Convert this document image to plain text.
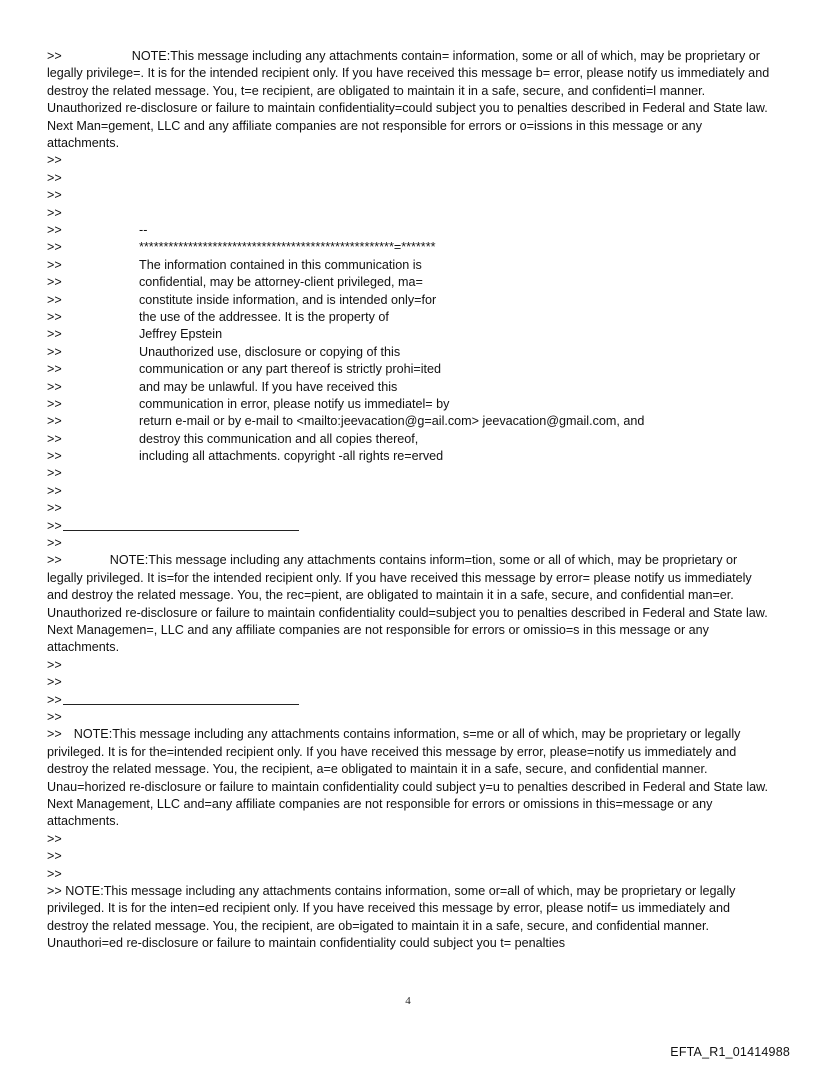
>>	NOTE:This message including any attachments contain= information, some or all of which, may be proprietary or legally privilege=. It is for the intended recipient only. If you have received this message b= error, please notify us immediately and destroy the related message. You, t=e recipient, are obligated to maintain it in a safe, secure, and confidenti=l manner. Unauthorized re-disclosure or failure to maintain confidentiality=could subject you to penalties described in Federal and State law. Next Man=gement, LLC and any affiliate companies are not responsible for errors or o=issions in this message or any attachments.

>>
>>
>>
>>
>>	--
>>	****************************************************=*******
>>	The information contained in this communication is
>>	confidential, may be attorney-client privileged, ma=
>>	constitute inside information, and is intended only=for
>>	the use of the addressee. It is the property of
>>	Jeffrey Epstein
>>	Unauthorized use, disclosure or copying of this
>>	communication or any part thereof is strictly prohi=ited
>>	and may be unlawful. If you have received this
>>	communication in error, please notify us immediatel= by
>>	return e-mail or by e-mail to <mailto:jeevacation@g=ail.com> jeevacation@gmail.com, and
>>	destroy this communication and all copies thereof,
>>	including all attachments. copyright -all rights re=erved
>>
>>
>>
>>
>>

>>	NOTE:This message including any attachments contains inform=tion, some or all of which, may be proprietary or legally privileged. It is=for the intended recipient only. If you have received this message by error= please notify us immediately and destroy the related message. You, the rec=pient, are obligated to maintain it in a safe, secure, and confidential man=er. Unauthorized re-disclosure or failure to maintain confidentiality could=subject you to penalties described in Federal and State law. Next Managemen=, LLC and any affiliate companies are not responsible for errors or omissio=s in this message or any attachments.

>>
>>
>>
>>

>> NOTE:This message including any attachments contains information, s=me or all of which, may be proprietary or legally privileged. It is for the=intended recipient only. If you have received this message by error, please=notify us immediately and destroy the related message. You, the recipient, a=e obligated to maintain it in a safe, secure, and confidential manner. Unau=horized re-disclosure or failure to maintain confidentiality could subject y=u to penalties described in Federal and State law. Next Management, LLC and=any affiliate companies are not responsible for errors or omissions in this=message or any attachments.

>>
>>
>>

>> NOTE:This message including any attachments contains information, some or=all of which, may be proprietary or legally privileged. It is for the inten=ed recipient only. If you have received this message by error, please notif= us immediately and destroy the related message. You, the recipient, are ob=igated to maintain it in a safe, secure, and confidential manner. Unauthori=ed re-disclosure or failure to maintain confidentiality could subject you t= penalties

4
EFTA_R1_01414988
